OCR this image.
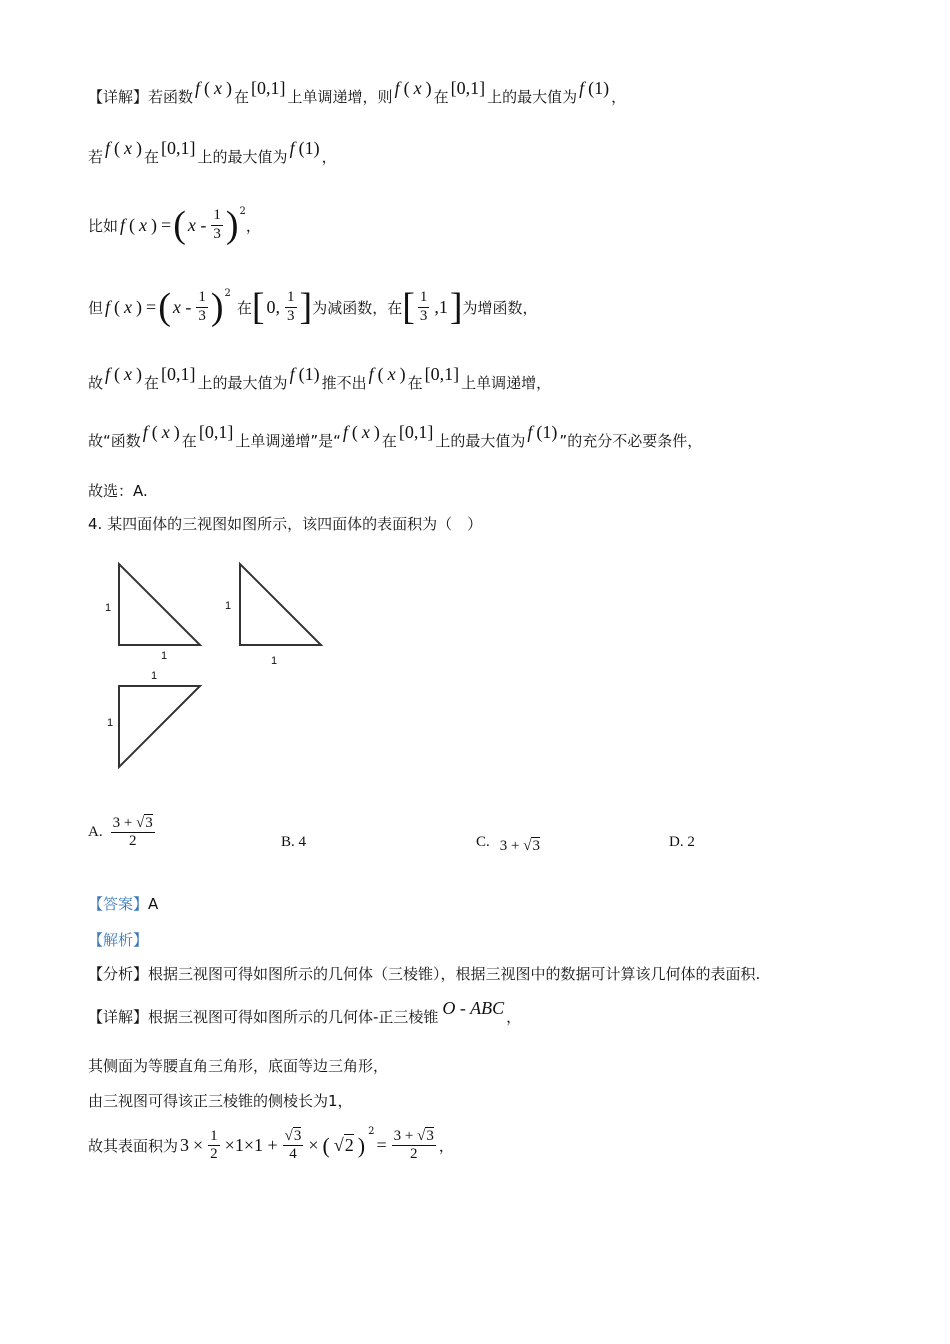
【详解】若函数 f ( x ) 在 [0,1] 上单调递增，则 f ( x ) 在 [0,1] 上的最大值为 f (1) ，
若 f ( x ) 在 [0,1] 上的最大值为 f (1) ，
比如 f ( x ) = ( x - $\frac{1}{3}$ ) 2
，
但 f ( x ) = ( x - $\frac{1}{3}$ ) 2
在 [ 0, $\frac{1}{3}$ ] 为减函数，在 [ $\frac{1}{3} ,1$ ] 为增函数，
故 f ( x ) 在 [0,1] 上的最大值为 f (1) 推不出 f ( x ) 在 [0,1] 上单调递增，
故“函数 f ( x ) 在 [0,1] 上单调递增”是“ f ( x ) 在 [0,1] 上的最大值为 f (1) ”的充分不必要条件，
故选：A.
4. 某四面体的三视图如图所示，该四面体的表面积为（　）
1
1
1
1
1
1
A. $\frac{3 + √3}{2}$	B. 4	C. 3 + √3	D. 2
【答案】 A
【解析】
【分析】根据三视图可得如图所示的几何体（三棱锥），根据三视图中的数据可计算该几何体的表面积.
【详解】根据三视图可得如图所示的几何体-正三棱锥 O - ABC ，
其侧面为等腰直角三角形，底面等边三角形，
由三视图可得该正三棱锥的侧棱长为1，
故其表面积为 $3 \times \frac{1}{2} \times 1\times 1 + \frac{√3}{4}$ × ( √2 )
2
= $\frac{3 + √3}{2}$ ，
